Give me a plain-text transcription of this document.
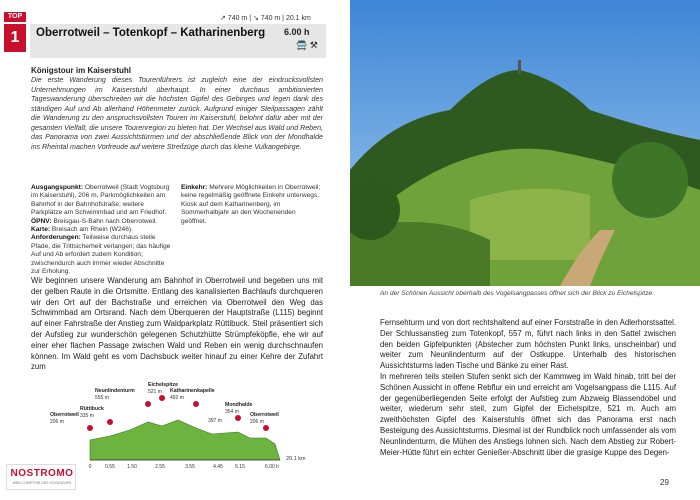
TOP
1
↗ 740 m | ↘ 740 m | 20.1 km
Oberrotweil – Totenkopf – Katharinenberg	6.00 h
🚍 ⚒
Königstour im Kaiserstuhl
Die erste Wanderung dieses Tourenführers ist zugleich eine der eindrucksvollsten Unternehmungen im Kaiserstuhl überhaupt. In einer durchaus ambitionierten Tageswanderung überschreiten wir die höchsten Gipfel des Gebirges und legen dank des ständigen Auf und Ab allerhand Höhenmeter zurück. Aufgrund einiger Steilpassagen zählt die Wanderung zu den anspruchsvollsten Touren im Kaiserstuhl, belohnt dafür aber mit der gesamten Vielfalt, die unsere Tourenregion zu bieten hat. Der Wechsel aus Wald und Reben, das Panorama von zwei Aussichtstürmen und der abschließende Blick von der Mondhalde ins Rheintal machen Vorfreude auf weitere Streifzüge durch das kleine Vulkangebirge.
Ausgangspunkt: Oberrotweil (Stadt Vogtsburg im Kaiserstuhl), 206 m, Parkmöglichkeiten am Bahnhof in der Bahnhofstraße; weitere Parkplätze am Schwimmbad und am Friedhof.
ÖPNV: Breisgau-S-Bahn nach Oberrotweil.
Karte: Breisach am Rhein (W246).
Anforderungen: Teilweise durchaus steile Pfade, die Trittsicherheit verlangen; das häufige Auf und Ab erfordert zudem Kondition; zwischendurch auch immer wieder Abschnitte zur Erholung.
Einkehr: Mehrere Möglichkeiten in Oberrotweil; keine regelmäßig geöffnete Einkehr unterwegs, Kiosk auf dem Katharinenberg, im Sommerhalbjahr an den Wochenenden geöffnet.
Wir beginnen unsere Wanderung am Bahnhof in Oberrotweil und begeben uns mit der gelben Raute in die Ortsmitte. Entlang des kanalisierten Bachlaufs durchqueren wir den Ort auf der Bachstraße und erreichen via Oberrotweil den Weg das Schwimmbad am Ortsrand. Nach dem Überqueren der Hauptstraße (L115) beginnt auf einer Fahrstraße der Anstieg zum Waldparkplatz Rüttibuck. Steil präsentiert sich der Aufstieg zur wunderschön gelegenen Schutzhütte Strümpfeköpfle, ehe wir auf einer eher flachen Passage zwischen Wald und Reben ein wenig durchschnaufen können. Im Wald geht es vom Dachsbuck weiter hinauf zu einer Kehre der Zufahrt zum
Oberrotweil
206 m
Rüttibuck
335 m
Neunlindenturm
555 m
Eichelspitze
521 m Katharinenkapelle
492 m
Mondhalde
354 m Oberrotweil
206 m
397 m
0	0.55 1.50	2.55	3.55	4.45 5.15	6.00 h
20.1 km
An der Schönen Aussicht oberhalb des Vogelsangpasses öffnet sich der Blick zu Eichelspitze.
Fernsehturm und von dort rechtshaltend auf einer Forststraße in den Adlerhorstsattel. Der Schlussanstieg zum Totenkopf, 557 m, führt nach links in den Sattel zwischen den beiden Gipfelpunkten (Abstecher zum höchsten Punkt links, unscheinbar) und weiter zum Neunlindenturm auf der Ostkuppe. Unterhalb des historischen Aussichtsturms laden Tische und Bänke zu einer Rast.
In mehreren teils steilen Stufen senkt sich der Kammweg im Wald hinab, tritt bei der Schönen Aussicht in offene Rebflur ein und erreicht am Vogelsangpass die L115. Auf der gegenüberliegenden Seite erfolgt der Aufstieg zum Abzweig Blassendobel und weiter, wiederum sehr steil, zum Gipfel der Eichelspitze, 521 m. Auch am zweithöchsten Gipfel des Kaiserstuhls öffnet sich das Panorama erst nach Besteigung des Aussichtsturms. Diesmal ist der Rundblick noch umfassender als vom Neunlindenturm, die Mühen des Anstiegs lohnen sich. Nach dem Abstieg zur Robert-Meier-Hütte führt ein echter Genießer-Abschnitt über die grasige Kuppe des Degen-
29
NOSTROMO
WEB COMPTOIR DES VOYAGEURS
